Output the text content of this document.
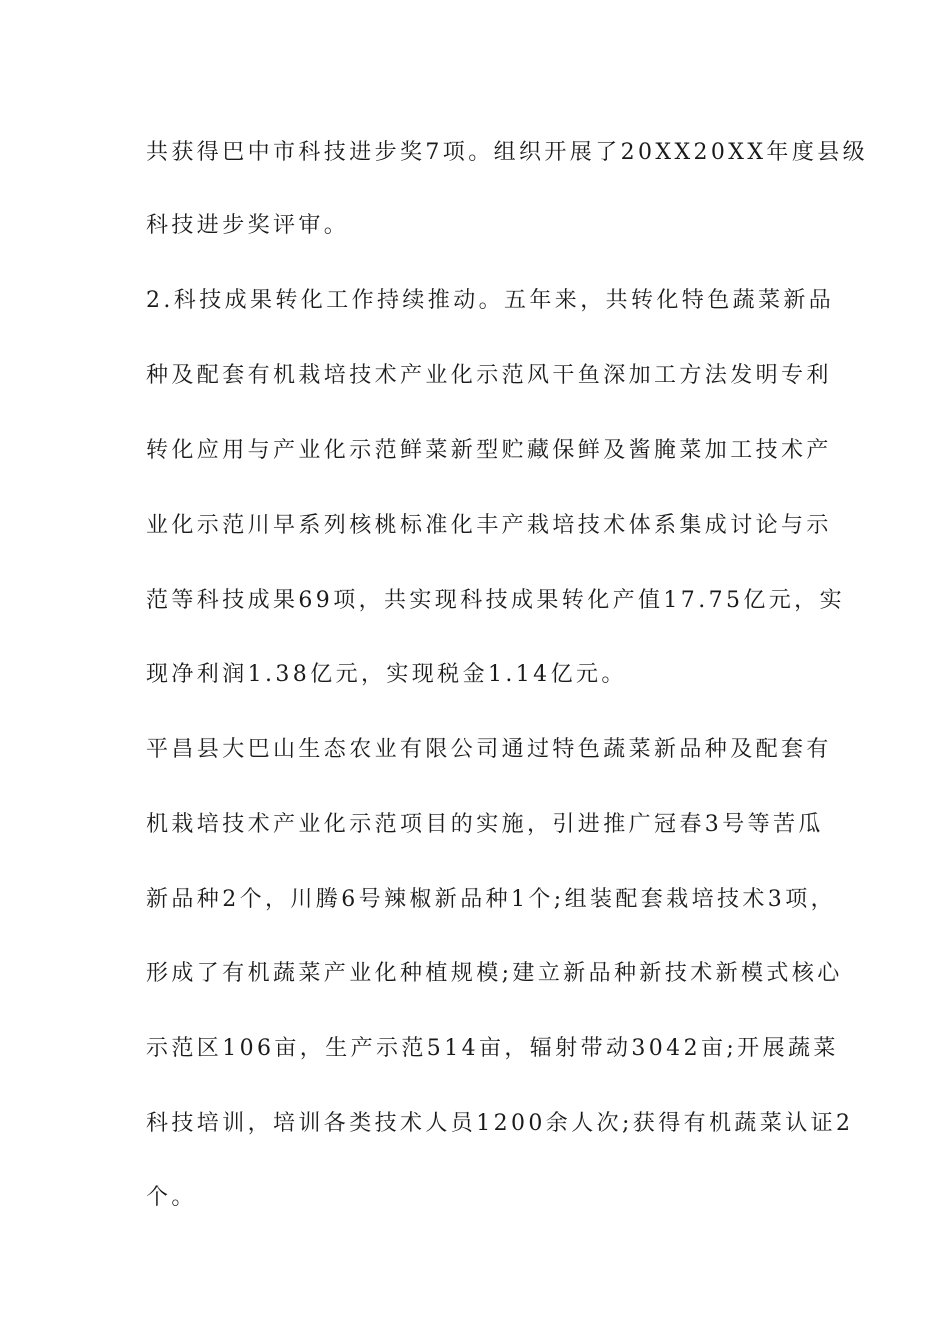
共获得巴中市科技进步奖7项。组织开展了20XX20XX年度县级
科技进步奖评审。
2.科技成果转化工作持续推动。五年来，共转化特色蔬菜新品
种及配套有机栽培技术产业化示范风干鱼深加工方法发明专利
转化应用与产业化示范鲜菜新型贮藏保鲜及酱腌菜加工技术产
业化示范川早系列核桃标准化丰产栽培技术体系集成讨论与示
范等科技成果69项，共实现科技成果转化产值17.75亿元，实
现净利润1.38亿元，实现税金1.14亿元。
平昌县大巴山生态农业有限公司通过特色蔬菜新品种及配套有
机栽培技术产业化示范项目的实施，引进推广冠春3号等苦瓜
新品种2个，川腾6号辣椒新品种1个;组装配套栽培技术3项，
形成了有机蔬菜产业化种植规模;建立新品种新技术新模式核心
示范区106亩，生产示范514亩，辐射带动3042亩;开展蔬菜
科技培训，培训各类技术人员1200余人次;获得有机蔬菜认证2
个。
